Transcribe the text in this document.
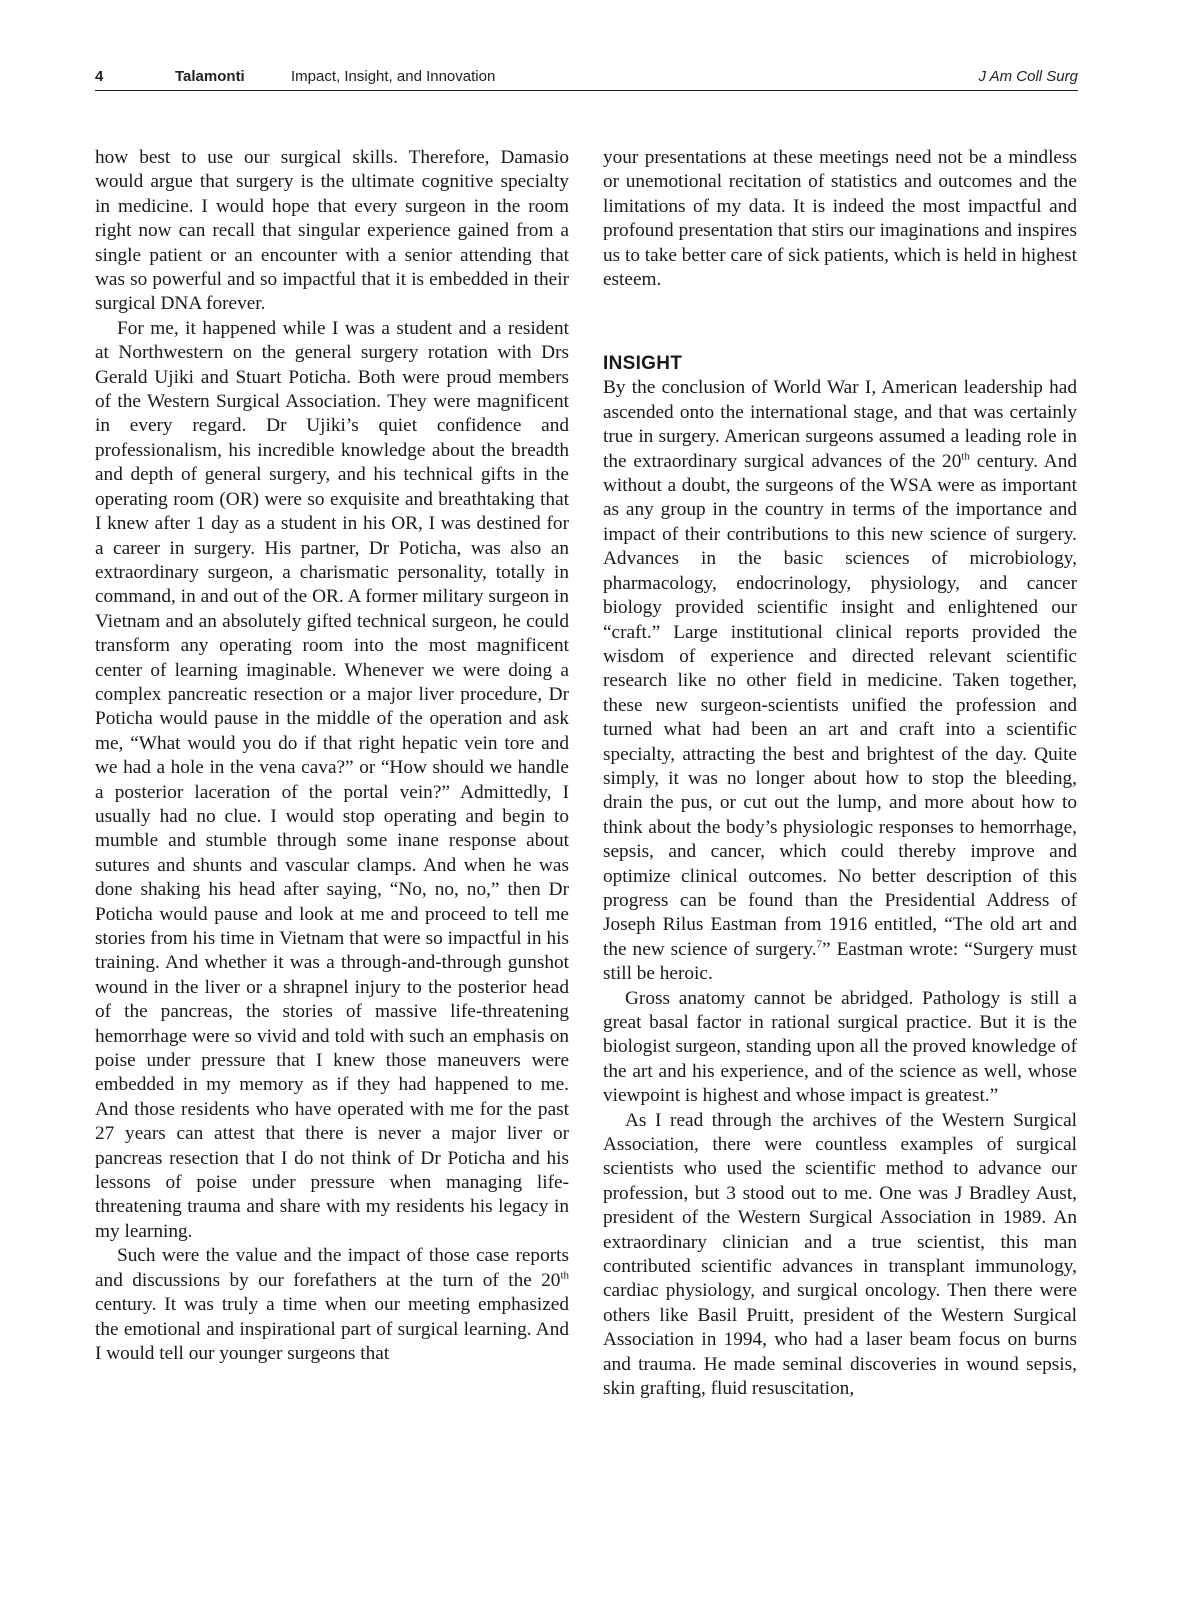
4	Talamonti	Impact, Insight, and Innovation	J Am Coll Surg

how best to use our surgical skills. Therefore, Damasio would argue that surgery is the ultimate cognitive specialty in medicine. I would hope that every surgeon in the room right now can recall that singular experience gained from a single patient or an encounter with a senior attending that was so powerful and so impactful that it is embedded in their surgical DNA forever.

For me, it happened while I was a student and a resident at Northwestern on the general surgery rotation with Drs Gerald Ujiki and Stuart Poticha. Both were proud members of the Western Surgical Association. They were magnificent in every regard. Dr Ujiki’s quiet confidence and professionalism, his incredible knowledge about the breadth and depth of general surgery, and his technical gifts in the operating room (OR) were so exquisite and breathtaking that I knew after 1 day as a student in his OR, I was destined for a career in surgery. His partner, Dr Poticha, was also an extraordinary surgeon, a charismatic personality, totally in command, in and out of the OR. A former military surgeon in Vietnam and an absolutely gifted technical surgeon, he could transform any operating room into the most magnificent center of learning imaginable. Whenever we were doing a complex pancreatic resection or a major liver procedure, Dr Poticha would pause in the middle of the operation and ask me, “What would you do if that right hepatic vein tore and we had a hole in the vena cava?” or “How should we handle a posterior laceration of the portal vein?” Admittedly, I usually had no clue. I would stop operating and begin to mumble and stumble through some inane response about sutures and shunts and vascular clamps. And when he was done shaking his head after saying, “No, no, no,” then Dr Poticha would pause and look at me and proceed to tell me stories from his time in Vietnam that were so impactful in his training. And whether it was a through-and-through gunshot wound in the liver or a shrapnel injury to the posterior head of the pancreas, the stories of massive life-threatening hemorrhage were so vivid and told with such an emphasis on poise under pressure that I knew those maneuvers were embedded in my memory as if they had happened to me. And those residents who have operated with me for the past 27 years can attest that there is never a major liver or pancreas resection that I do not think of Dr Poticha and his lessons of poise under pressure when managing life-threatening trauma and share with my residents his legacy in my learning.

Such were the value and the impact of those case reports and discussions by our forefathers at the turn of the 20th century. It was truly a time when our meeting emphasized the emotional and inspirational part of surgical learning. And I would tell our younger surgeons that

your presentations at these meetings need not be a mindless or unemotional recitation of statistics and outcomes and the limitations of my data. It is indeed the most impactful and profound presentation that stirs our imaginations and inspires us to take better care of sick patients, which is held in highest esteem.

INSIGHT

By the conclusion of World War I, American leadership had ascended onto the international stage, and that was certainly true in surgery. American surgeons assumed a leading role in the extraordinary surgical advances of the 20th century. And without a doubt, the surgeons of the WSA were as important as any group in the country in terms of the importance and impact of their contributions to this new science of surgery. Advances in the basic sciences of microbiology, pharmacology, endocrinology, physiology, and cancer biology provided scientific insight and enlightened our “craft.” Large institutional clinical reports provided the wisdom of experience and directed relevant scientific research like no other field in medicine. Taken together, these new surgeon-scientists unified the profession and turned what had been an art and craft into a scientific specialty, attracting the best and brightest of the day. Quite simply, it was no longer about how to stop the bleeding, drain the pus, or cut out the lump, and more about how to think about the body’s physiologic responses to hemorrhage, sepsis, and cancer, which could thereby improve and optimize clinical outcomes. No better description of this progress can be found than the Presidential Address of Joseph Rilus Eastman from 1916 entitled, “The old art and the new science of surgery.$^7$” Eastman wrote: “Surgery must still be heroic.

Gross anatomy cannot be abridged. Pathology is still a great basal factor in rational surgical practice. But it is the biologist surgeon, standing upon all the proved knowledge of the art and his experience, and of the science as well, whose viewpoint is highest and whose impact is greatest.”

As I read through the archives of the Western Surgical Association, there were countless examples of surgical scientists who used the scientific method to advance our profession, but 3 stood out to me. One was J Bradley Aust, president of the Western Surgical Association in 1989. An extraordinary clinician and a true scientist, this man contributed scientific advances in transplant immunology, cardiac physiology, and surgical oncology. Then there were others like Basil Pruitt, president of the Western Surgical Association in 1994, who had a laser beam focus on burns and trauma. He made seminal discoveries in wound sepsis, skin grafting, fluid resuscitation,
